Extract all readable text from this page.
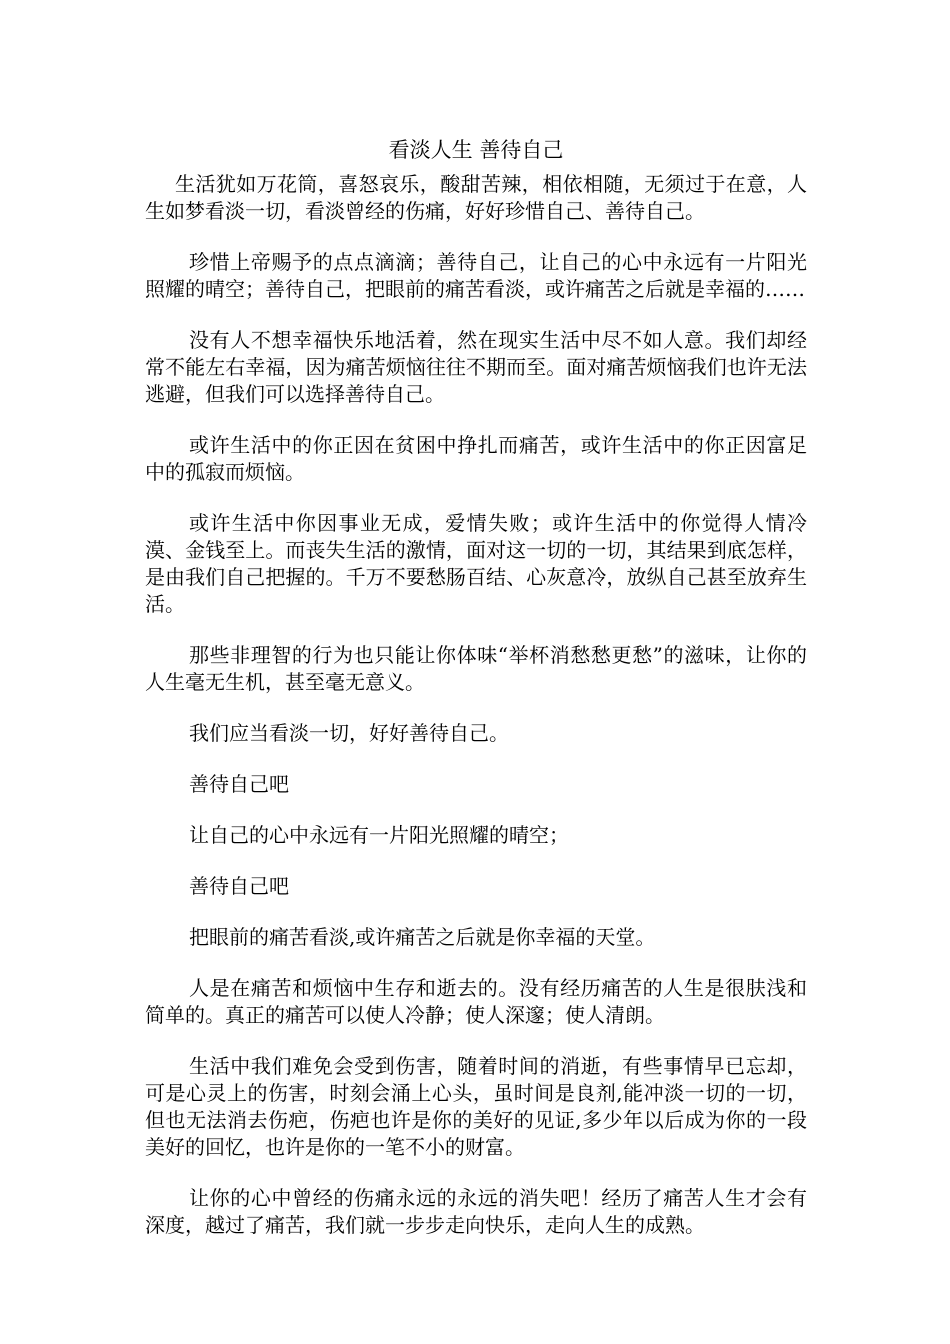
看淡人生 善待自己

生活犹如万花筒，喜怒哀乐，酸甜苦辣，相依相随，无须过于在意，人生如梦看淡一切，看淡曾经的伤痛，好好珍惜自己、善待自己。

珍惜上帝赐予的点点滴滴；善待自己，让自己的心中永远有一片阳光照耀的晴空；善待自己，把眼前的痛苦看淡，或许痛苦之后就是幸福的……

没有人不想幸福快乐地活着，然在现实生活中尽不如人意。我们却经常不能左右幸福，因为痛苦烦恼往往不期而至。面对痛苦烦恼我们也许无法逃避，但我们可以选择善待自己。

或许生活中的你正因在贫困中挣扎而痛苦，或许生活中的你正因富足中的孤寂而烦恼。

或许生活中你因事业无成，爱情失败；或许生活中的你觉得人情冷漠、金钱至上。而丧失生活的激情，面对这一切的一切，其结果到底怎样，是由我们自己把握的。千万不要愁肠百结、心灰意冷，放纵自己甚至放弃生活。

那些非理智的行为也只能让你体味“举杯消愁愁更愁”的滋味，让你的人生毫无生机，甚至毫无意义。

我们应当看淡一切，好好善待自己。

善待自己吧

让自己的心中永远有一片阳光照耀的晴空；

善待自己吧

把眼前的痛苦看淡,或许痛苦之后就是你幸福的天堂。

人是在痛苦和烦恼中生存和逝去的。没有经历痛苦的人生是很肤浅和简单的。真正的痛苦可以使人冷静；使人深邃；使人清朗。

生活中我们难免会受到伤害，随着时间的消逝，有些事情早已忘却，可是心灵上的伤害，时刻会涌上心头，虽时间是良剂,能冲淡一切的一切，但也无法消去伤疤，伤疤也许是你的美好的见证,多少年以后成为你的一段美好的回忆，也许是你的一笔不小的财富。

让你的心中曾经的伤痛永远的永远的消失吧！经历了痛苦人生才会有深度，越过了痛苦，我们就一步步走向快乐，走向人生的成熟。
